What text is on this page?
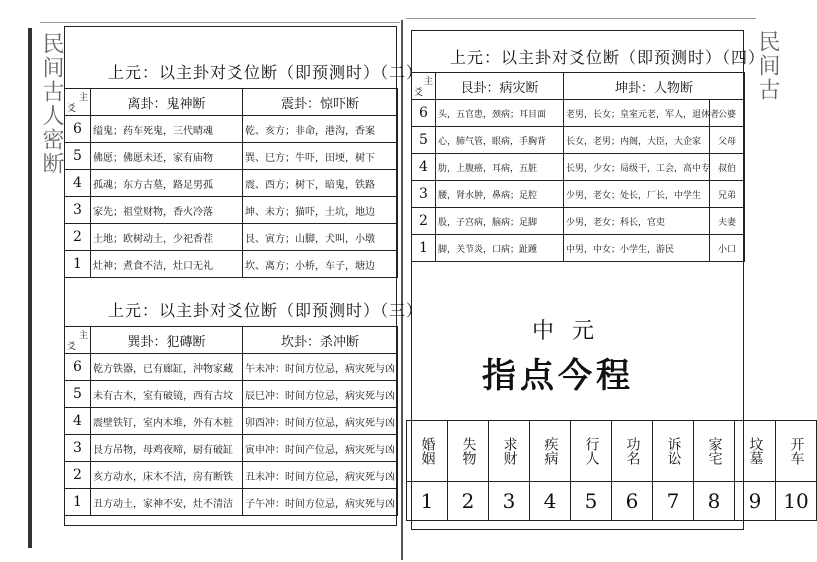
民间古人密断	民间古
上元：以主卦对爻位断（即预测时）（二）
主
爻	离卦：鬼神断	震卦：惊吓断
6	缢鬼；药车死鬼，三代晴魂	乾、亥方；非命，港沟，香案
5	佛愿；佛愿未还，家有庙物	巽、巳方；牛吓，田埂，树下
4	孤魂；东方古墓，路足男孤	震、酉方；树下，暗鬼，铁路
3	家先；祖堂财物，香火冷落	坤、未方；猫吓，土坑，地边
2	土地；欧树动土，少祀香茬	艮、寅方；山脚，犬叫，小墩
1	灶神；煮食不洁，灶口无礼	坎、离方；小桥，车子，塘边
上元：以主卦对爻位断（即预测时）（三）
主
爻	巽卦：犯磚断	坎卦：杀冲断
6	乾方铁器，已有廊缸，沖物家藏	午未冲：时间方位忌，病灾死与凶
5	未有古木，室有破镜，西有古坟	辰巳冲：时间方位忌，病灾死与凶
4	震壁铁钉，室内木堆，外有木桩	卯酉冲：时间方位忌，病灾死与凶
3	艮方吊物，母鸡夜啼，厨有破缸	寅申冲：时间产位忌，病灾死与凶
2	亥方动水，床木不洁，房有断铁	丑未冲：时间方位忌，病灾死与凶
1	丑方动土，家神不安，灶不清洁	子午冲：时间方位忌，病灾死与凶
上元：以主卦对爻位断（即预测时）（四）
主
爻	艮卦：病灾断	坤卦：人物断	
6	头，五官患，颈病；耳目面	老男，长女；皇室元老，军人，退休者	公婆
5	心，肺气管，眼病，手胸背	长女，老男；内阁，大臣，大企家	父母
4	肋，上腹癌，耳病，五脏	长男，少女；局级干，工会，高中专	叔伯
3	腰，肾水肿，鼻病；足腔	少男，老女；处长，厂长，中学生	兄弟
2	股，子宫病，脑病；足脚	少男，老女；科长，官吏	夫妻
1	脚，关节炎，口病；趾踵	中男，中女；小学生，游民	小口
中元
指点今程
婚姻	失物	求财	疾病	行人	功名	诉讼	家宅	坟墓	开车
1	2	3	4	5	6	7	8	9	10
